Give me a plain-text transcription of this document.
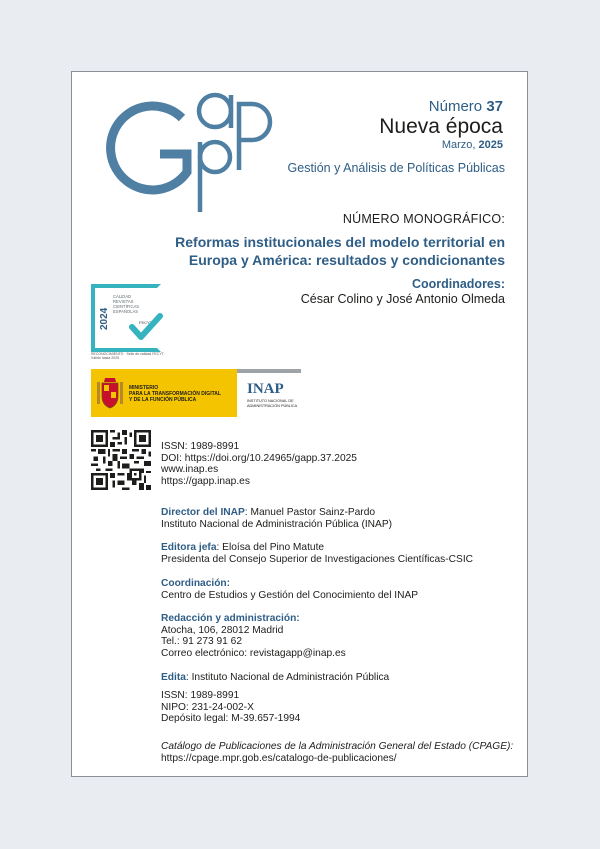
Número 37
Nueva época
Marzo, 2025
Gestión y Análisis de Políticas Públicas
NÚMERO MONOGRÁFICO:
Reformas institucionales del modelo territorial en
Europa y América: resultados y condicionantes
Coordinadores:
César Colino y José Antonio Olmeda
2024
CALIDAD
REVISTAS
CIENTÍFICAS
ESPAÑOLAS
FECYT
RECONOCIMIENTO · Sello de calidad FECYT · Válido hasta 2025
MINISTERIO
PARA LA TRANSFORMACIÓN DIGITAL
Y DE LA FUNCIÓN PÚBLICA
INAP
INSTITUTO NACIONAL DE
ADMINISTRACIÓN PÚBLICA
ISSN: 1989-8991
DOI: https://doi.org/10.24965/gapp.37.2025
www.inap.es
https://gapp.inap.es
Director del INAP: Manuel Pastor Sainz-Pardo
Instituto Nacional de Administración Pública (INAP)
Editora jefa: Eloísa del Pino Matute
Presidenta del Consejo Superior de Investigaciones Científicas-CSIC
Coordinación:
Centro de Estudios y Gestión del Conocimiento del INAP
Redacción y administración:
Atocha, 106, 28012 Madrid
Tel.: 91 273 91 62
Correo electrónico: revistagapp@inap.es
Edita: Instituto Nacional de Administración Pública
ISSN: 1989-8991
NIPO: 231-24-002-X
Depósito legal: M-39.657-1994
Catálogo de Publicaciones de la Administración General del Estado (CPAGE):
https://cpage.mpr.gob.es/catalogo-de-publicaciones/
